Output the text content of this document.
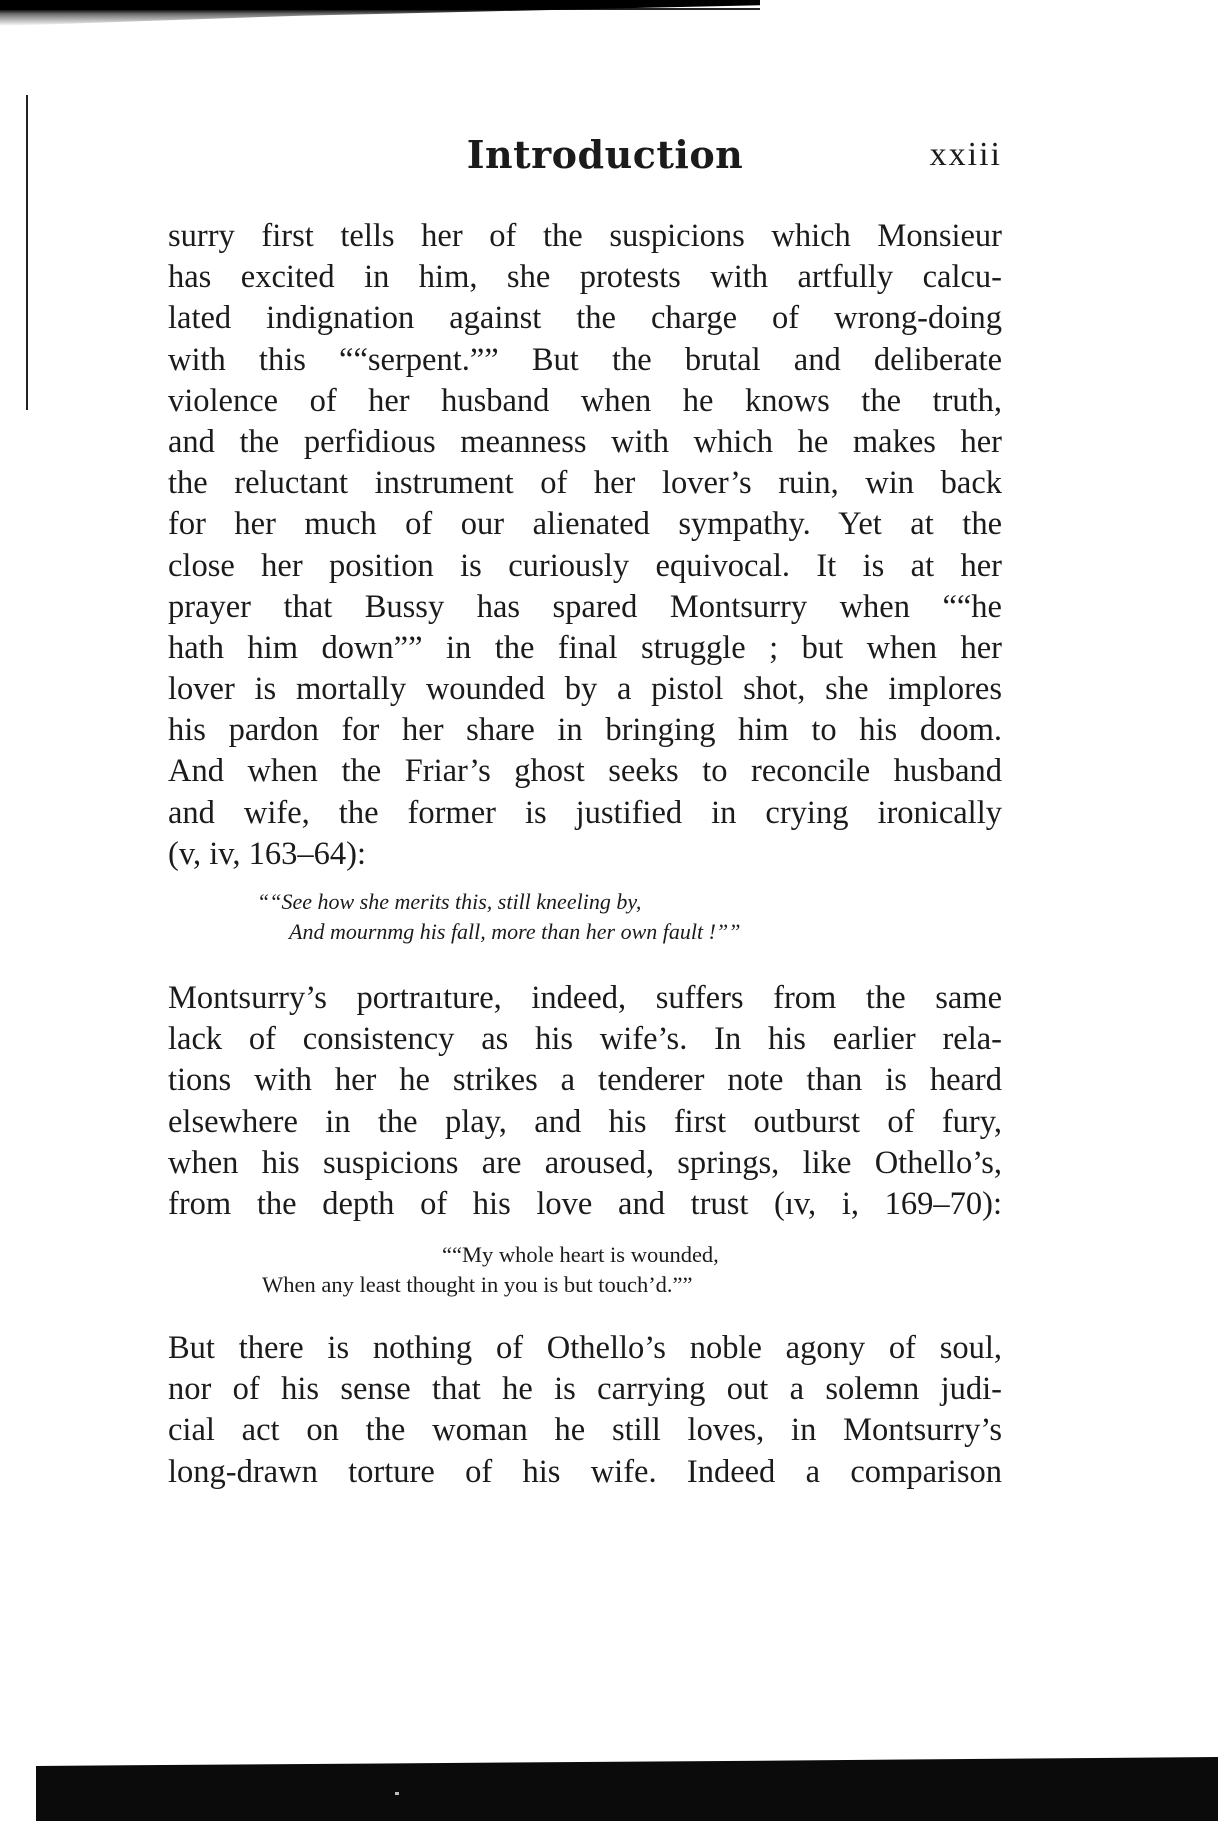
Introduction	xxiii
surry first tells her of the suspicions which Monsieur
has excited in him, she protests with artfully calcu-
lated indignation against the charge of wrong-doing
with this ““serpent.”” But the brutal and deliberate
violence of her husband when he knows the truth,
and the perfidious meanness with which he makes her
the reluctant instrument of her lover’s ruin, win back
for her much of our alienated sympathy. Yet at the
close her position is curiously equivocal. It is at her
prayer that Bussy has spared Montsurry when ““he
hath him down”” in the final struggle ; but when her
lover is mortally wounded by a pistol shot, she implores
his pardon for her share in bringing him to his doom.
And when the Friar’s ghost seeks to reconcile husband
and wife, the former is justified in crying ironically
(v, iv, 163–64):
““See how she merits this, still kneeling by,
And mournmg his fall, more than her own fault !””
Montsurry’s portraıture, indeed, suffers from the same
lack of consistency as his wife’s. In his earlier rela-
tions with her he strikes a tenderer note than is heard
elsewhere in the play, and his first outburst of fury,
when his suspicions are aroused, springs, like Othello’s,
from the depth of his love and trust (ıv, i, 169–70):
““My whole heart is wounded,
When any least thought in you is but touch’d.””
But there is nothing of Othello’s noble agony of soul,
nor of his sense that he is carrying out a solemn judi-
cial act on the woman he still loves, in Montsurry’s
long-drawn torture of his wife. Indeed a comparison
